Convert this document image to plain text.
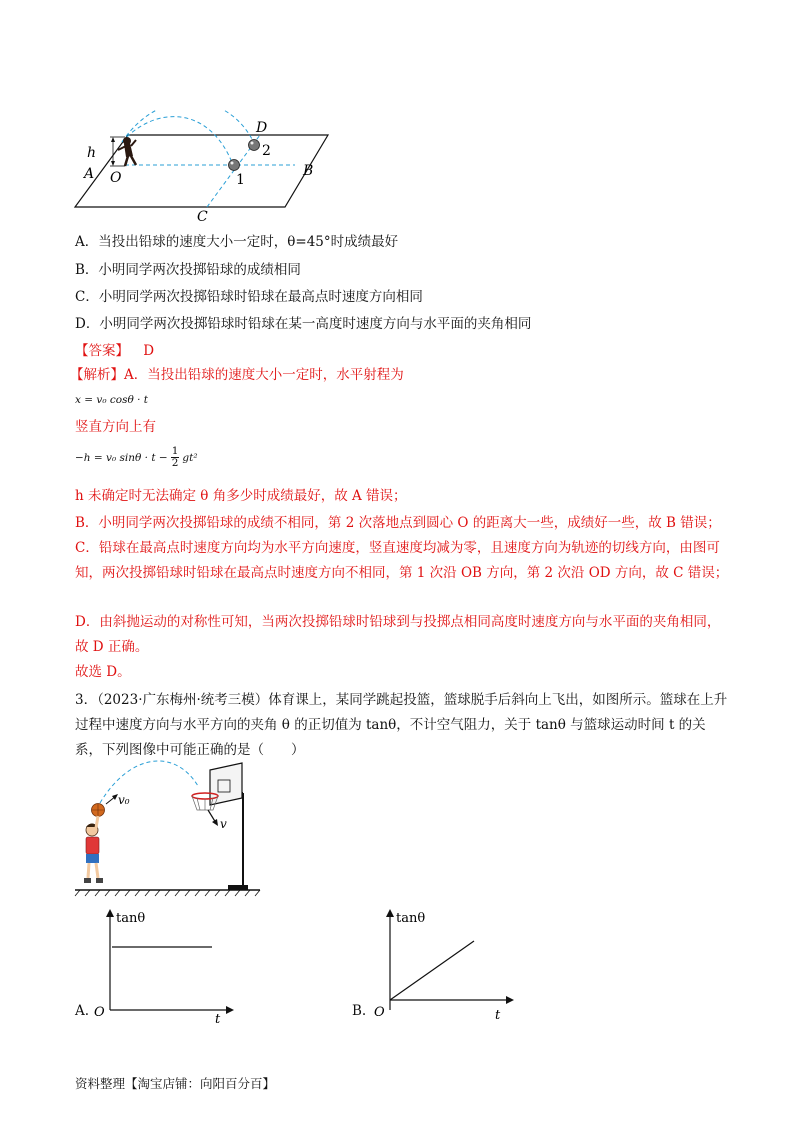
h
A O	B
C
D
1
2
A．当投出铅球的速度大小一定时，θ=45°时成绩最好
B．小明同学两次投掷铅球的成绩相同
C．小明同学两次投掷铅球时铅球在最高点时速度方向相同
D．小明同学两次投掷铅球时铅球在某一高度时速度方向与水平面的夹角相同
【答案】 D
【解析】A．当投出铅球的速度大小一定时，水平射程为
x = v₀ cosθ · t
竖直方向上有
−h = v₀ $\sin\theta \cdot t - \frac{1}{2} gt^2$
h 未确定时无法确定 θ 角多少时成绩最好，故 A 错误；
B．小明同学两次投掷铅球的成绩不相同，第 2 次落地点到圆心 O 的距离大一些，成绩好一些，故 B 错误；
C．铅球在最高点时速度方向均为水平方向速度，竖直速度均减为零，且速度方向为轨迹的切线方向，由图可知，两次投掷铅球时铅球在最高点时速度方向不相同，第 1 次沿 OB 方向，第 2 次沿 OD 方向，故 C 错误；
D．由斜抛运动的对称性可知，当两次投掷铅球时铅球到与投掷点相同高度时速度方向与水平面的夹角相同，故 D 正确。
故选 D。
3．（2023·广东梅州·统考三模）体育课上，某同学跳起投篮，篮球脱手后斜向上飞出，如图所示。篮球在上升过程中速度方向与水平方向的夹角 θ 的正切值为 tanθ，不计空气阻力，关于 tanθ 与篮球运动时间 t 的关系，下列图像中可能正确的是（　　）
v₀
v
A.
tanθ
t
O	B.
tanθ
t
O
资料整理【淘宝店铺：向阳百分百】
